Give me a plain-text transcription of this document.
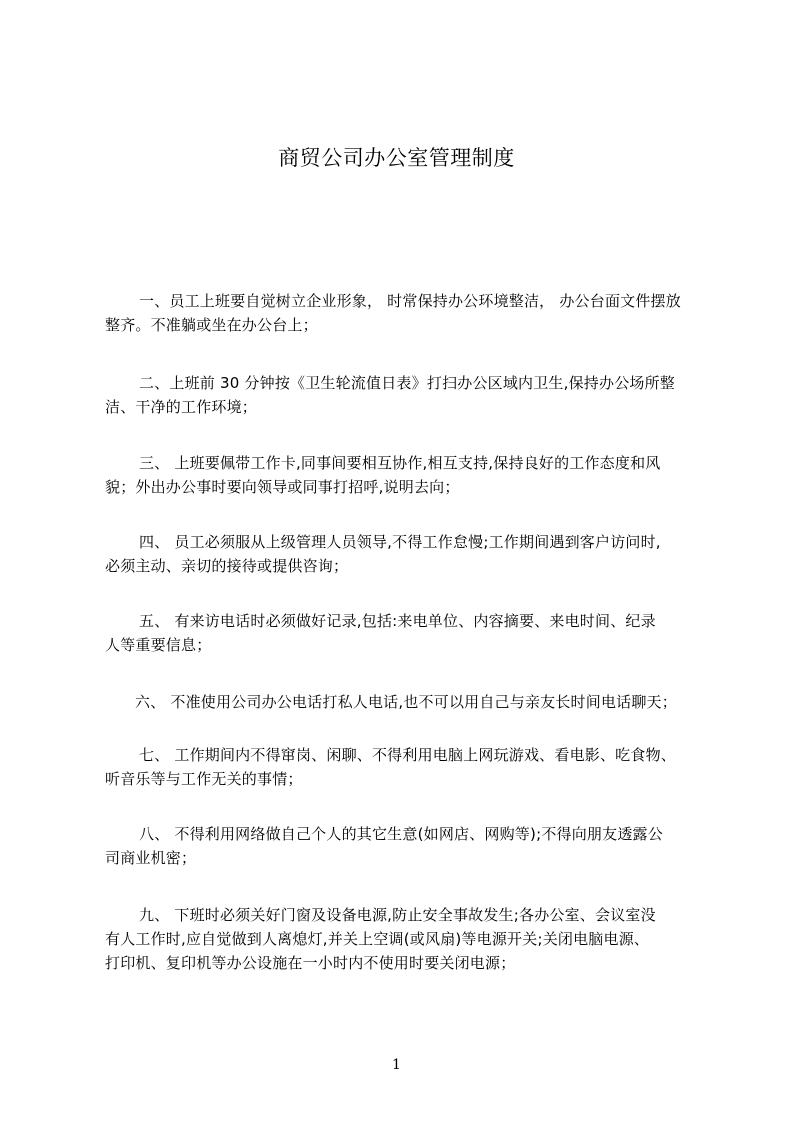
商贸公司办公室管理制度
一、员工上班要自觉树立企业形象， 时常保持办公环境整洁， 办公台面文件摆放
整齐。不准躺或坐在办公台上；
二、上班前 30 分钟按《卫生轮流值日表》打扫办公区域内卫生,保持办公场所整
洁、干净的工作环境；
三、 上班要佩带工作卡,同事间要相互协作,相互支持,保持良好的工作态度和风
貌；外出办公事时要向领导或同事打招呼,说明去向；
四、 员工必须服从上级管理人员领导,不得工作怠慢;工作期间遇到客户访问时,
必须主动、亲切的接待或提供咨询；
五、 有来访电话时必须做好记录,包括:来电单位、内容摘要、来电时间、纪录
人等重要信息；
六、 不准使用公司办公电话打私人电话,也不可以用自己与亲友长时间电话聊天；
七、 工作期间内不得窜岗、闲聊、不得利用电脑上网玩游戏、看电影、吃食物、
听音乐等与工作无关的事情；
八、 不得利用网络做自己个人的其它生意(如网店、网购等);不得向朋友透露公
司商业机密；
九、 下班时必须关好门窗及设备电源,防止安全事故发生;各办公室、会议室没
有人工作时,应自觉做到人离熄灯,并关上空调(或风扇)等电源开关;关闭电脑电源、
打印机、复印机等办公设施在一小时内不使用时要关闭电源；
1
